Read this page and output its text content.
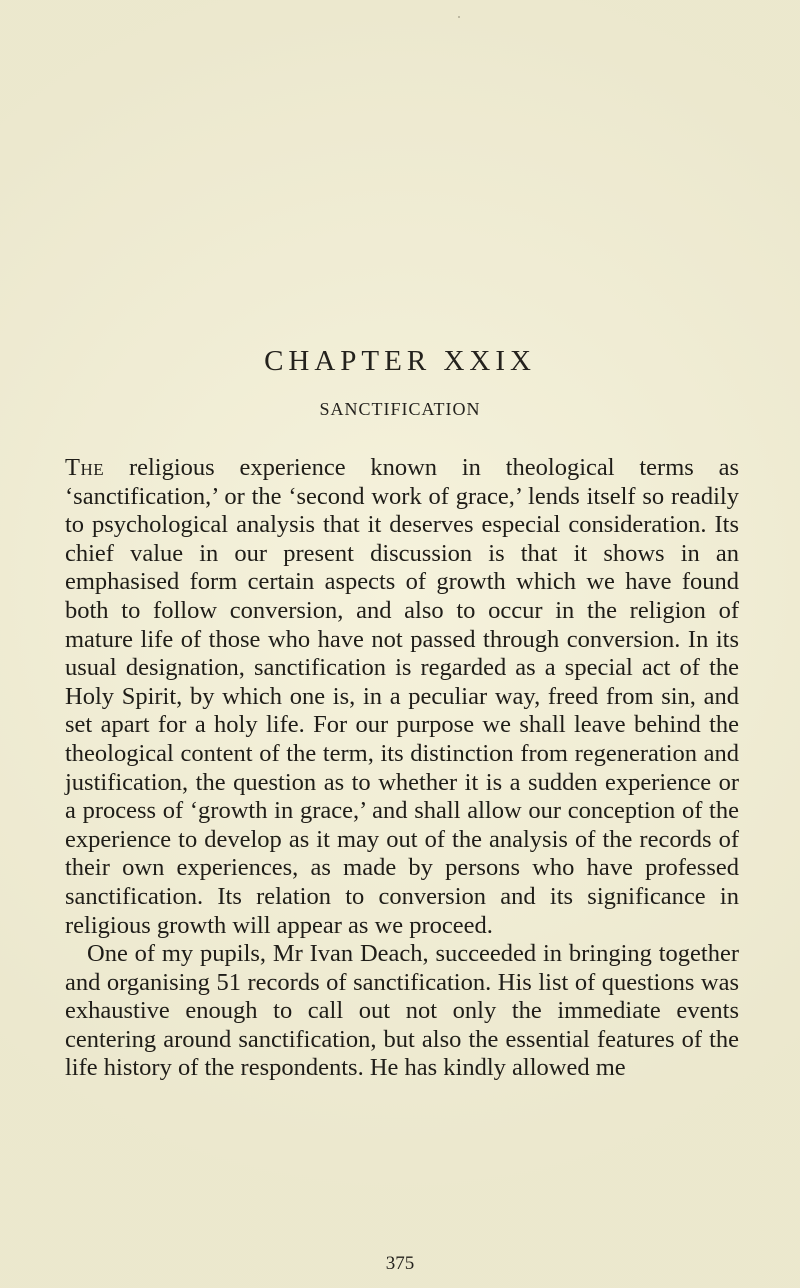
CHAPTER XXIX
SANCTIFICATION

The religious experience known in theological terms as ‘sanctification,’ or the ‘second work of grace,’ lends itself so readily to psychological analysis that it deserves especial consideration. Its chief value in our present discussion is that it shows in an emphasised form certain aspects of growth which we have found both to follow conversion, and also to occur in the religion of mature life of those who have not passed through conversion. In its usual designation, sanctification is regarded as a special act of the Holy Spirit, by which one is, in a peculiar way, freed from sin, and set apart for a holy life. For our purpose we shall leave behind the theological content of the term, its distinction from regeneration and justification, the question as to whether it is a sudden experience or a process of ‘growth in grace,’ and shall allow our conception of the experience to develop as it may out of the analysis of the records of their own experiences, as made by persons who have professed sanctification. Its relation to conversion and its significance in religious growth will appear as we proceed.

One of my pupils, Mr Ivan Deach, succeeded in bringing together and organising 51 records of sanctification. His list of questions was exhaustive enough to call out not only the immediate events centering around sanctification, but also the essential features of the life history of the respondents. He has kindly allowed me

375
